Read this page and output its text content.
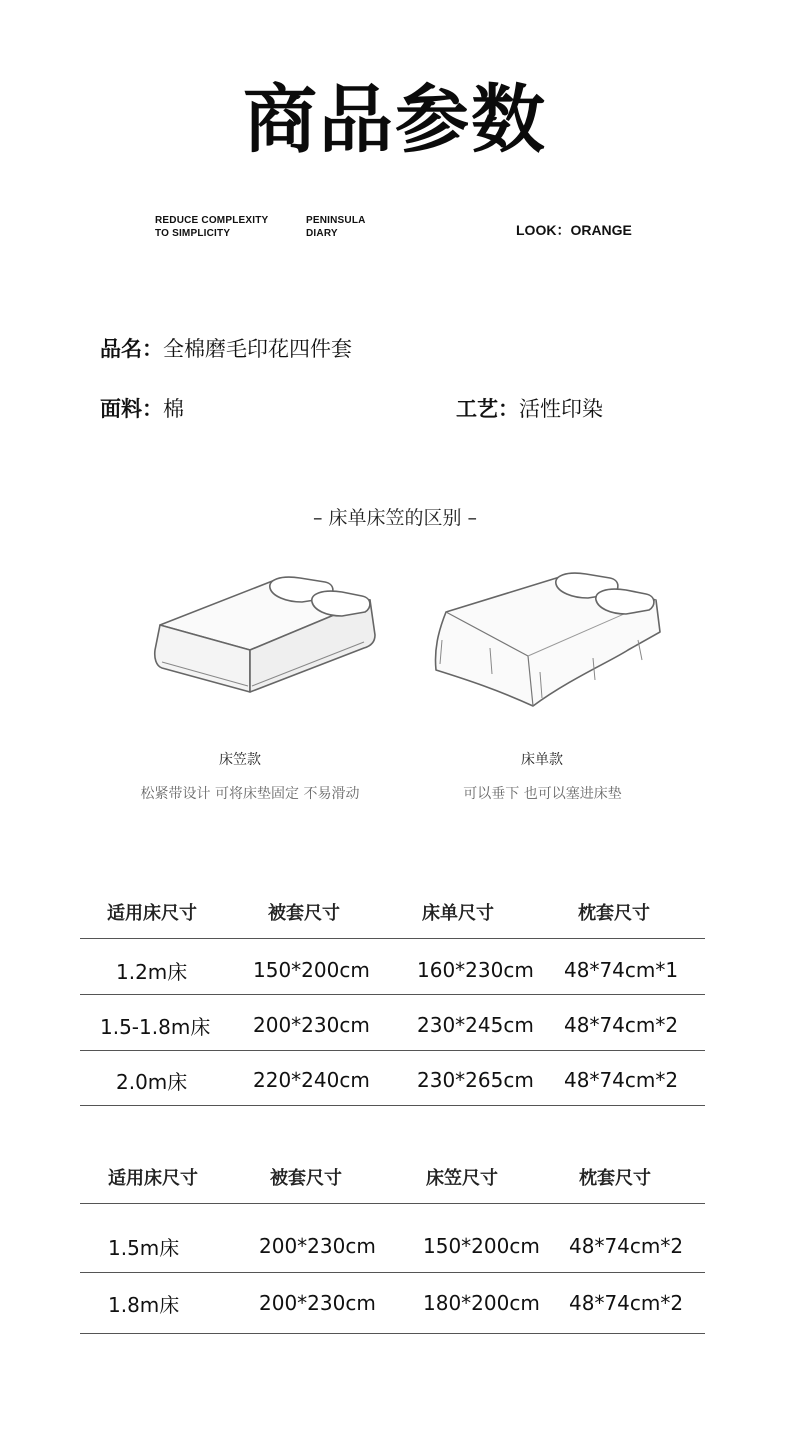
商品参数
REDUCE COMPLEXITY
TO SIMPLICITY
PENINSULA
DIARY	LOOK：ORANGE
品名：全棉磨毛印花四件套
面料：棉	工艺：活性印染
– 床单床笠的区别 –
床笠款
松紧带设计 可将床垫固定 不易滑动
床单款
可以垂下 也可以塞进床垫
适用床尺寸	被套尺寸	床单尺寸	枕套尺寸
1.2m床	150*200cm 160*230cm 48*74cm*1
1.5-1.8m床 200*230cm 230*245cm 48*74cm*2
2.0m床	220*240cm 230*265cm 48*74cm*2
适用床尺寸	被套尺寸	床笠尺寸	枕套尺寸
1.5m床	200*230cm 150*200cm 48*74cm*2
1.8m床	200*230cm 180*200cm 48*74cm*2
